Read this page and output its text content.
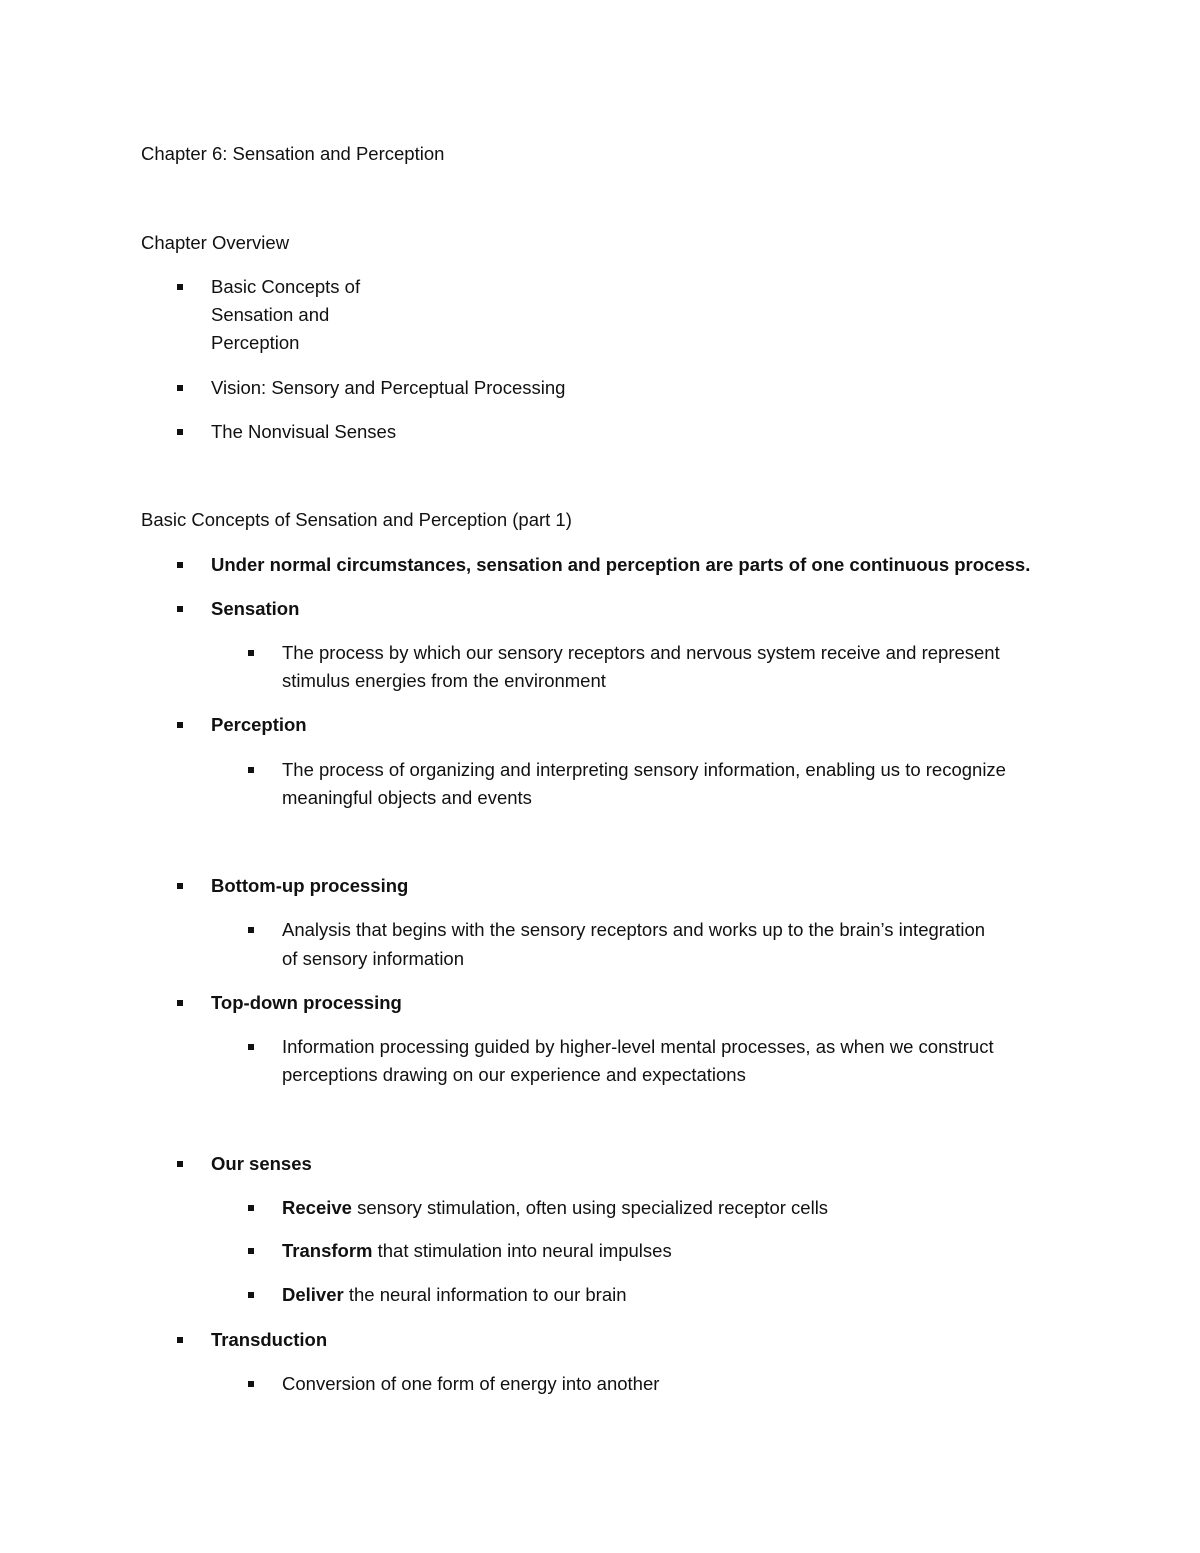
Chapter 6: Sensation and Perception
Chapter Overview
Basic Concepts of
Sensation and
Perception
Vision: Sensory and Perceptual Processing
The Nonvisual Senses
Basic Concepts of Sensation and Perception (part 1)
Under normal circumstances, sensation and perception are parts of one continuous process.
Sensation
The process by which our sensory receptors and nervous system receive and represent
stimulus energies from the environment
Perception
The process of organizing and interpreting sensory information, enabling us to recognize
meaningful objects and events
Bottom-up processing
Analysis that begins with the sensory receptors and works up to the brain’s integration
of sensory information
Top-down processing
Information processing guided by higher-level mental processes, as when we construct
perceptions drawing on our experience and expectations
Our senses
Receive sensory stimulation, often using specialized receptor cells
Transform that stimulation into neural impulses
Deliver the neural information to our brain
Transduction
Conversion of one form of energy into another
